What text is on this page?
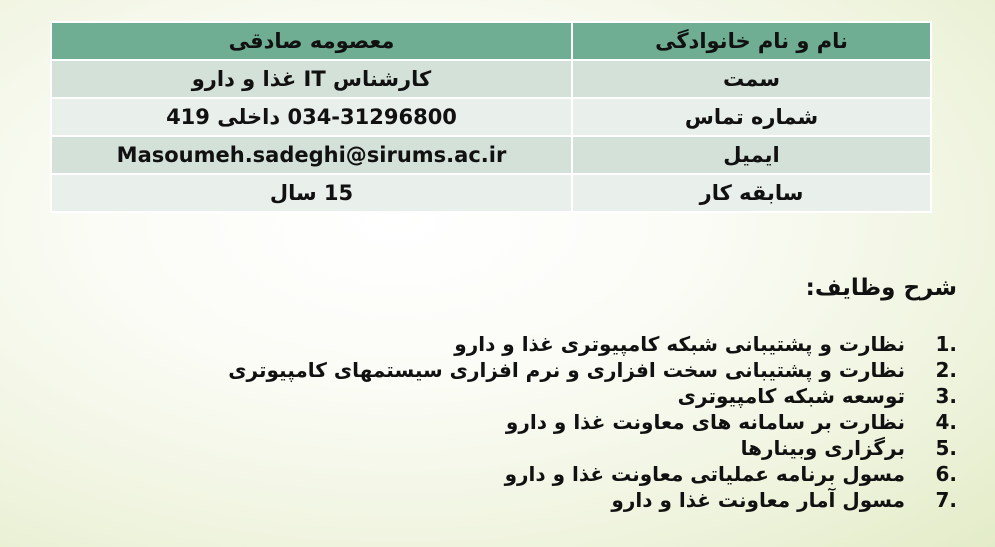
نام و نام خانوادگی	معصومه صادقی
سمت	کارشناس IT غذا و دارو
شماره تماس	034-31296800 داخلی 419
ایمیل	Masoumeh.sadeghi@sirums.ac.ir
سابقه کار	15 سال
شرح وظایف:
1.
نظارت و پشتیبانی شبکه کامپیوتری غذا و دارو
2.
نظارت و پشتیبانی سخت افزاری و نرم افزاری سیستمهای کامپیوتری
3.
توسعه شبکه کامپیوتری
4.
نظارت بر سامانه های معاونت غذا و دارو
5.
برگزاری وبینارها
6.
مسول برنامه عملیاتی معاونت غذا و دارو
7.
مسول آمار معاونت غذا و دارو
